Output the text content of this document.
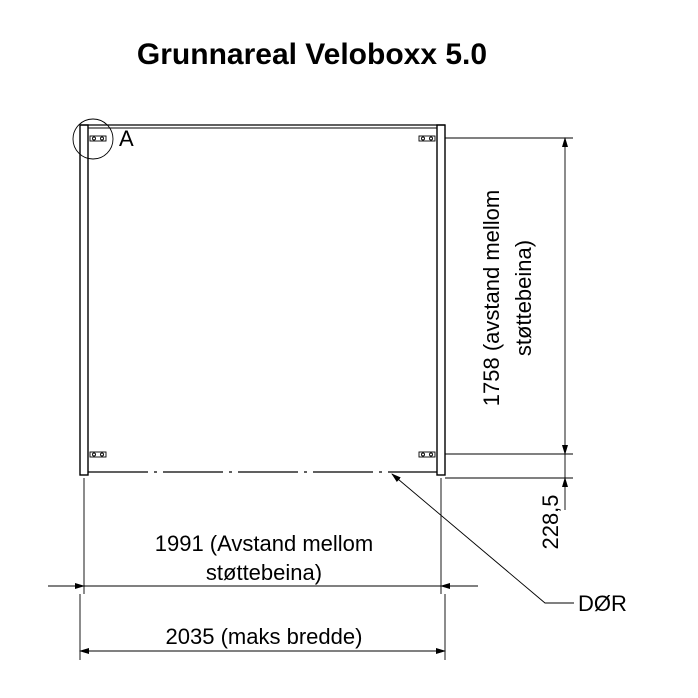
Grunnareal Veloboxx 5.0
A
1758 (avstand mellom støttebeina)
228,5
DØR
1991 (Avstand mellom
støttebeina)
2035 (maks bredde)
